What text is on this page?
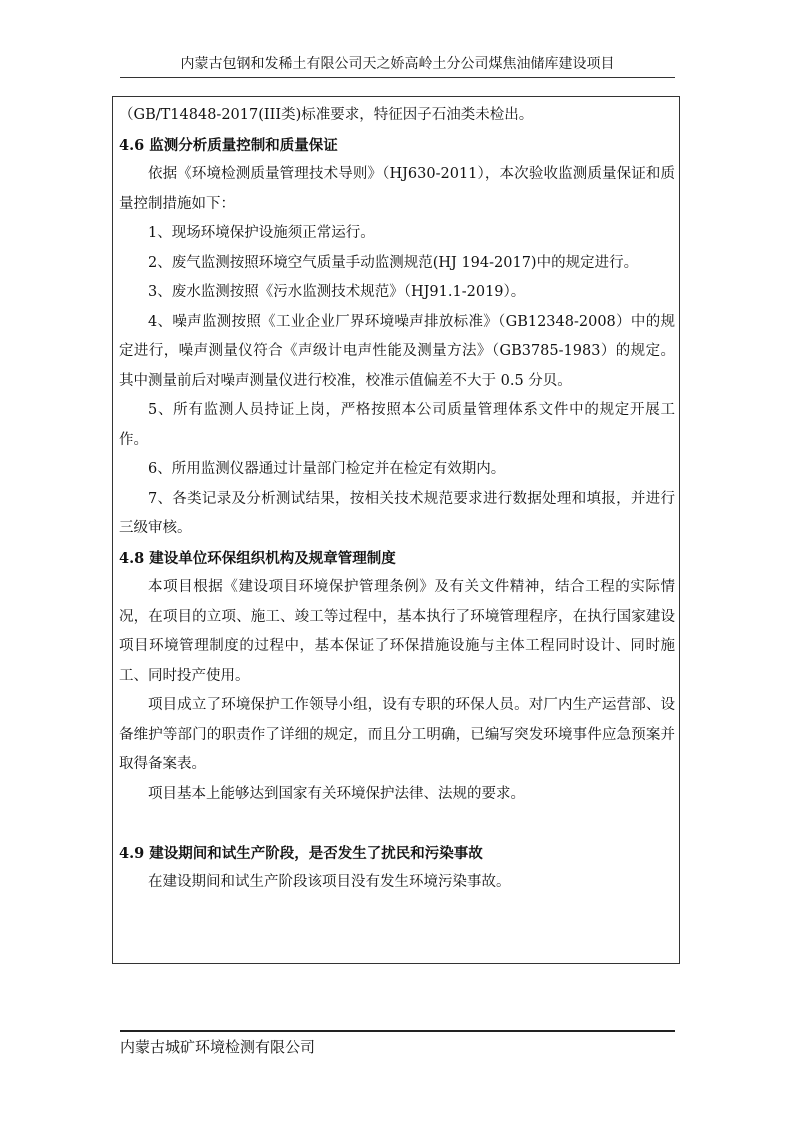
内蒙古包钢和发稀土有限公司天之娇高岭土分公司煤焦油储库建设项目

（GB/T14848-2017(III类)标准要求，特征因子石油类未检出。

4.6 监测分析质量控制和质量保证

依据《环境检测质量管理技术导则》（HJ630-2011），本次验收监测质量保证和质量控制措施如下：

1、现场环境保护设施须正常运行。

2、废气监测按照环境空气质量手动监测规范(HJ 194-2017)中的规定进行。

3、废水监测按照《污水监测技术规范》（HJ91.1-2019）。

4、噪声监测按照《工业企业厂界环境噪声排放标准》（GB12348-2008）中的规定进行，噪声测量仪符合《声级计电声性能及测量方法》（GB3785-1983）的规定。其中测量前后对噪声测量仪进行校准，校准示值偏差不大于 0.5 分贝。

5、所有监测人员持证上岗，严格按照本公司质量管理体系文件中的规定开展工作。

6、所用监测仪器通过计量部门检定并在检定有效期内。

7、各类记录及分析测试结果，按相关技术规范要求进行数据处理和填报，并进行三级审核。

4.8 建设单位环保组织机构及规章管理制度

本项目根据《建设项目环境保护管理条例》及有关文件精神，结合工程的实际情况，在项目的立项、施工、竣工等过程中，基本执行了环境管理程序，在执行国家建设项目环境管理制度的过程中，基本保证了环保措施设施与主体工程同时设计、同时施工、同时投产使用。

项目成立了环境保护工作领导小组，设有专职的环保人员。对厂内生产运营部、设备维护等部门的职责作了详细的规定，而且分工明确，已编写突发环境事件应急预案并取得备案表。

项目基本上能够达到国家有关环境保护法律、法规的要求。

4.9 建设期间和试生产阶段，是否发生了扰民和污染事故

在建设期间和试生产阶段该项目没有发生环境污染事故。

内蒙古城矿环境检测有限公司
